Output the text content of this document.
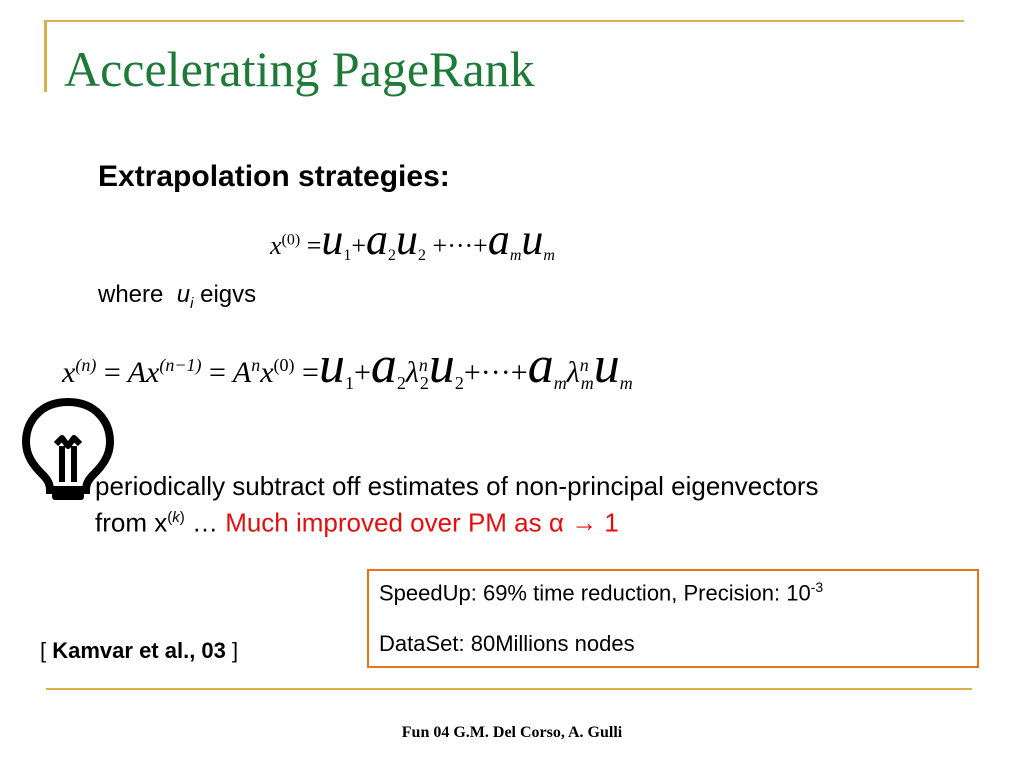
Accelerating PageRank
Extrapolation strategies:
$x^{(0)} =u_1+a_2u_2 +\cdot\cdot\cdot+a_mu_m$
where $u_i$ eigvs
$x^{(n)} = Ax^{(n-1)} = A^nx^{(0)} =u_1+a_2\lambda^n_2u_2+\cdot\cdot\cdot+a_m\lambda^n_mu_m$
periodically subtract off estimates of non-principal eigenvectors
from $x^{(k)}$ … Much improved over PM as α → 1
SpeedUp: 69% time reduction, Precision: $10^{-3}$
DataSet: 80Millions nodes
[ Kamvar et al., 03 ]
Fun 04 G.M. Del Corso, A. Gulli
